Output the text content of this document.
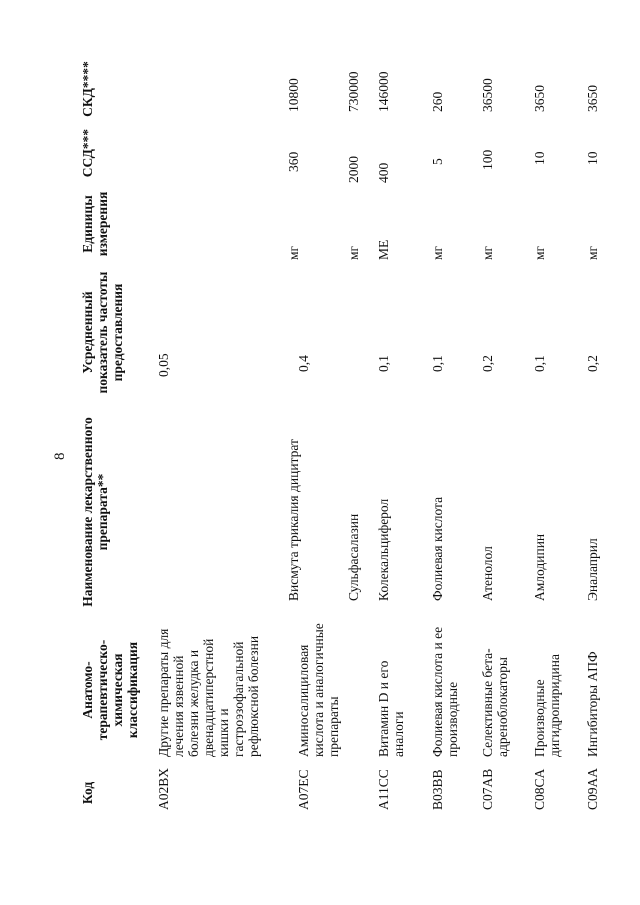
8
Код
Анатомо-терапевтическо-химическая классификация
Наименование лекарственного препарата**
Усредненный показатель частоты предоставления
Единицы измерения
ССД***
СКД****
A02BX
Другие препараты для лечения язвенной болезни желудка и двенадцатиперстной кишки и гастроэзофагальной рефлюксной болезни
Висмута трикалия дицитрат
0,05
мг
360
10800
A07EC
Аминосалициловая кислота и аналогичные препараты
Сульфасалазин
0,4
мг
2000
730000
A11CC
Витамин D и его аналоги
Колекальциферол
0,1
МЕ
400
146000
B03BB
Фолиевая кислота и ее производные
Фолиевая кислота
0,1
мг
5
260
C07AB
Селективные бета-адреноблокаторы
Атенолол
0,2
мг
100
36500
C08CA
Производные дигидропиридина
Амлодипин
0,1
мг
10
3650
C09AA
Ингибиторы АПФ
Эналаприл
0,2
мг
10
3650
